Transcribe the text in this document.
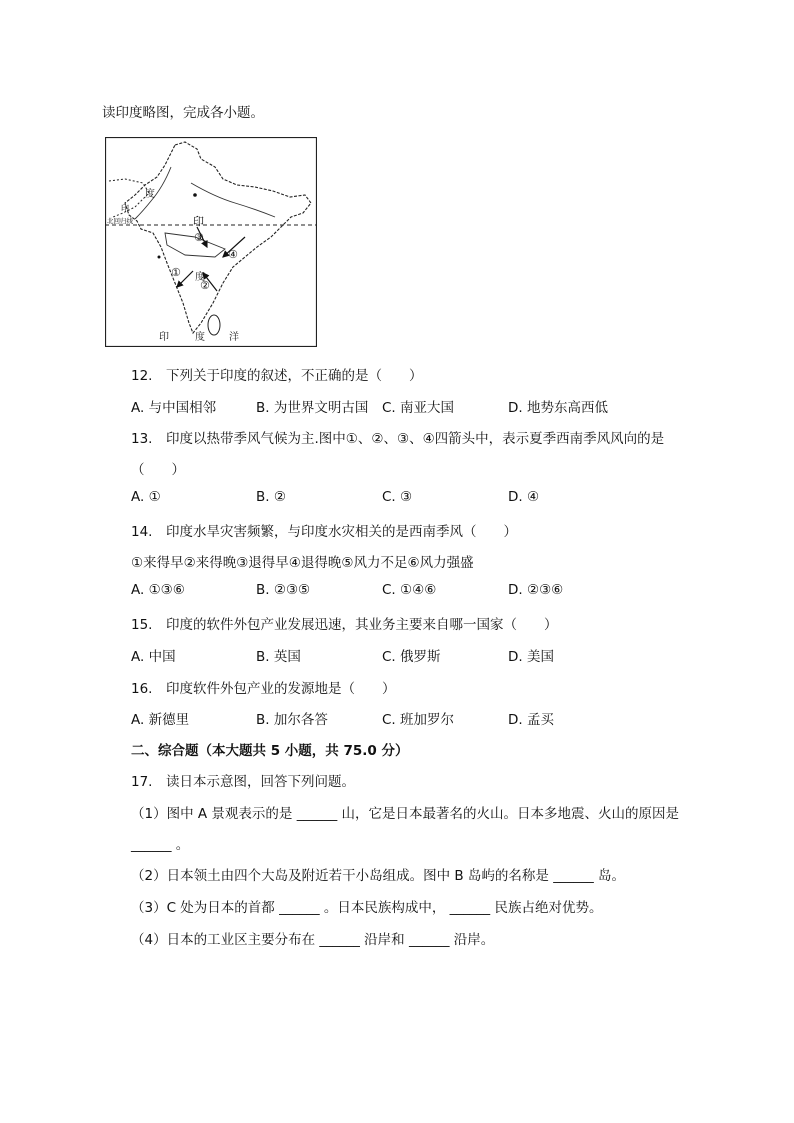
读印度略图，完成各小题。
度
印
印
度
北回归线
③
④
①
②
印	度 洋
12.　下列关于印度的叙述，不正确的是（　　）
A. 与中国相邻	B. 为世界文明古国 C. 南亚大国	D. 地势东高西低
13.　印度以热带季风气候为主.图中①、②、③、④四箭头中，表示夏季西南季风风向的是
（　　）
A. ①	B. ②	C. ③	D. ④
14.　印度水旱灾害频繁，与印度水灾相关的是西南季风（　　）
①来得早②来得晚③退得早④退得晚⑤风力不足⑥风力强盛
A. ①③⑥	B. ②③⑤	C. ①④⑥	D. ②③⑥
15.　印度的软件外包产业发展迅速，其业务主要来自哪一国家（　　）
A. 中国	B. 英国	C. 俄罗斯	D. 美国
16.　印度软件外包产业的发源地是（　　）
A. 新德里	B. 加尔各答	C. 班加罗尔	D. 孟买
二、综合题（本大题共 5 小题，共 75.0 分）
17.　读日本示意图，回答下列问题。
（1）图中 A 景观表示的是 ______ 山，它是日本最著名的火山。日本多地震、火山的原因是
______ 。
（2）日本领土由四个大岛及附近若干小岛组成。图中 B 岛屿的名称是 ______ 岛。
（3）C 处为日本的首都 ______ 。日本民族构成中， ______ 民族占绝对优势。
（4）日本的工业区主要分布在 ______ 沿岸和 ______ 沿岸。
